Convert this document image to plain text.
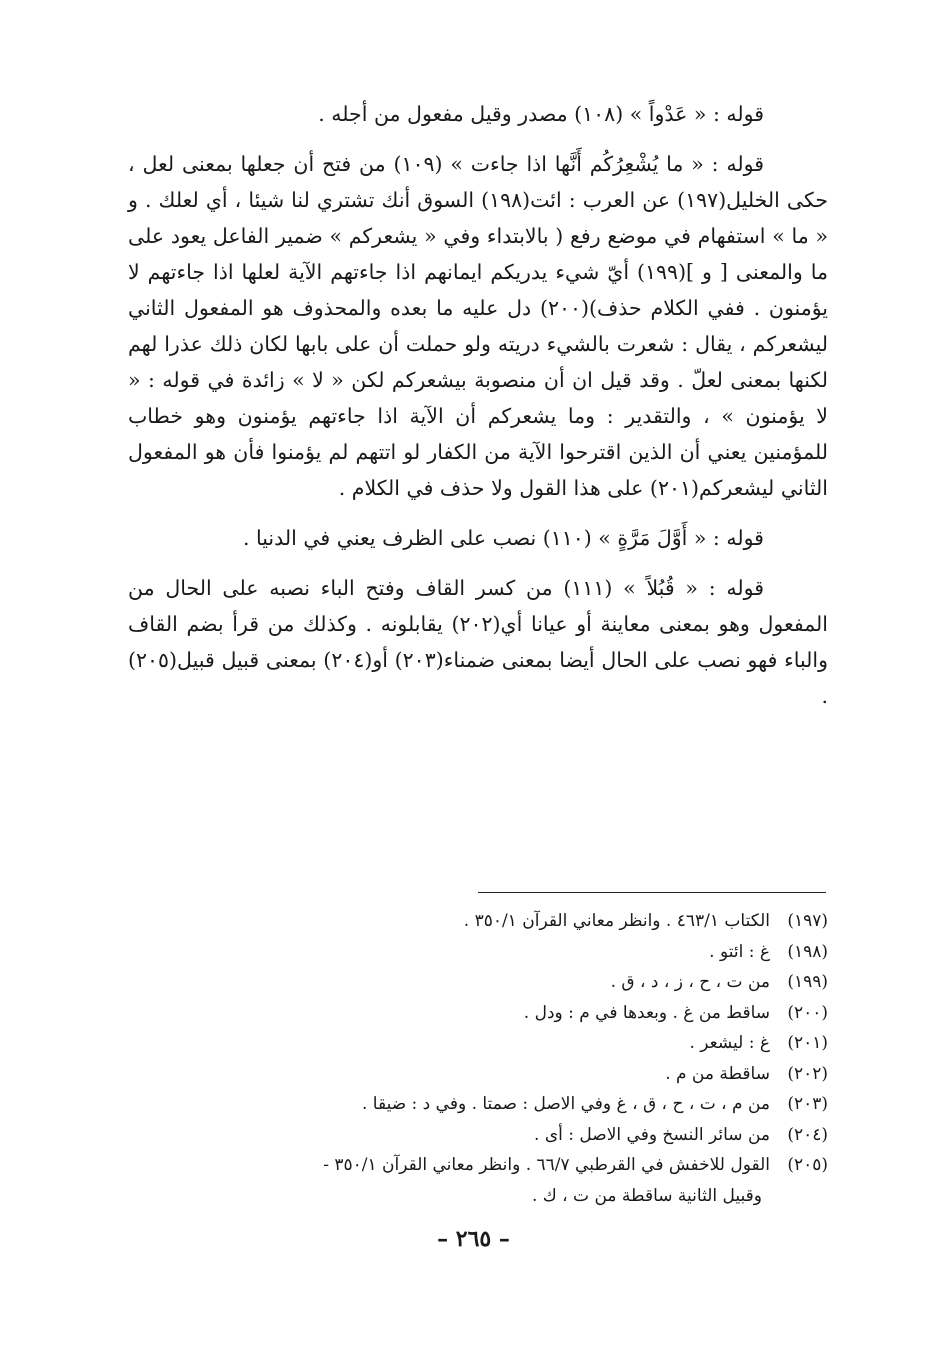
قوله : « عَدْواً » (١٠٨) مصدر وقيل مفعول من أجله .

قوله : « ما يُشْعِرُكُم أَنَّها اذا جاءت » (١٠٩) من فتح أن جعلها بمعنى لعل ، حكى الخليل(١٩٧) عن العرب : ائت(١٩٨) السوق أنك تشتري لنا شيئا ، أي لعلك . و « ما » استفهام في موضع رفع ( بالابتداء وفي « يشعركم » ضمير الفاعل يعود على ما والمعنى [ و ](١٩٩) أيّ شيء يدريكم ايمانهم اذا جاءتهم الآية لعلها اذا جاءتهم لا يؤمنون . ففي الكلام حذف)(٢٠٠) دل عليه ما بعده والمحذوف هو المفعول الثاني ليشعركم ، يقال : شعرت بالشيء دريته ولو حملت أن على بابها لكان ذلك عذرا لهم لكنها بمعنى لعلّ . وقد قيل ان أن منصوبة بيشعركم لكن « لا » زائدة في قوله : « لا يؤمنون » ، والتقدير : وما يشعركم أن الآية اذا جاءتهم يؤمنون وهو خطاب للمؤمنين يعني أن الذين اقترحوا الآية من الكفار لو اتتهم لم يؤمنوا فأن هو المفعول الثاني ليشعركم(٢٠١) على هذا القول ولا حذف في الكلام .

قوله : « أَوَّلَ مَرَّةٍ » (١١٠) نصب على الظرف يعني في الدنيا .

قوله : « قُبُلاً » (١١١) من كسر القاف وفتح الباء نصبه على الحال من المفعول وهو بمعنى معاينة أو عيانا أي(٢٠٢) يقابلونه . وكذلك من قرأ بضم القاف والباء فهو نصب على الحال أيضا بمعنى ضمناء(٢٠٣) أو(٢٠٤) بمعنى قبيل قبيل(٢٠٥) .

(١٩٧)الكتاب ٤٦٣/١ . وانظر معاني القرآن ٣٥٠/١ .
(١٩٨)غ : ائتو .
(١٩٩)من ت ، ح ، ز ، د ، ق .
(٢٠٠)ساقط من غ . وبعدها في م : ودل .
(٢٠١)غ : ليشعر .
(٢٠٢)ساقطة من م .
(٢٠٣)من م ، ت ، ح ، ق ، غ وفي الاصل : صمتا . وفي د : ضيقا .
(٢٠٤)من سائر النسخ وفي الاصل : أى .
(٢٠٥)القول للاخفش في القرطبي ٦٦/٧ . وانظر معاني القرآن ٣٥٠/١ -
وقبيل الثانية ساقطة من ت ، ك .
– ٢٦٥ –
